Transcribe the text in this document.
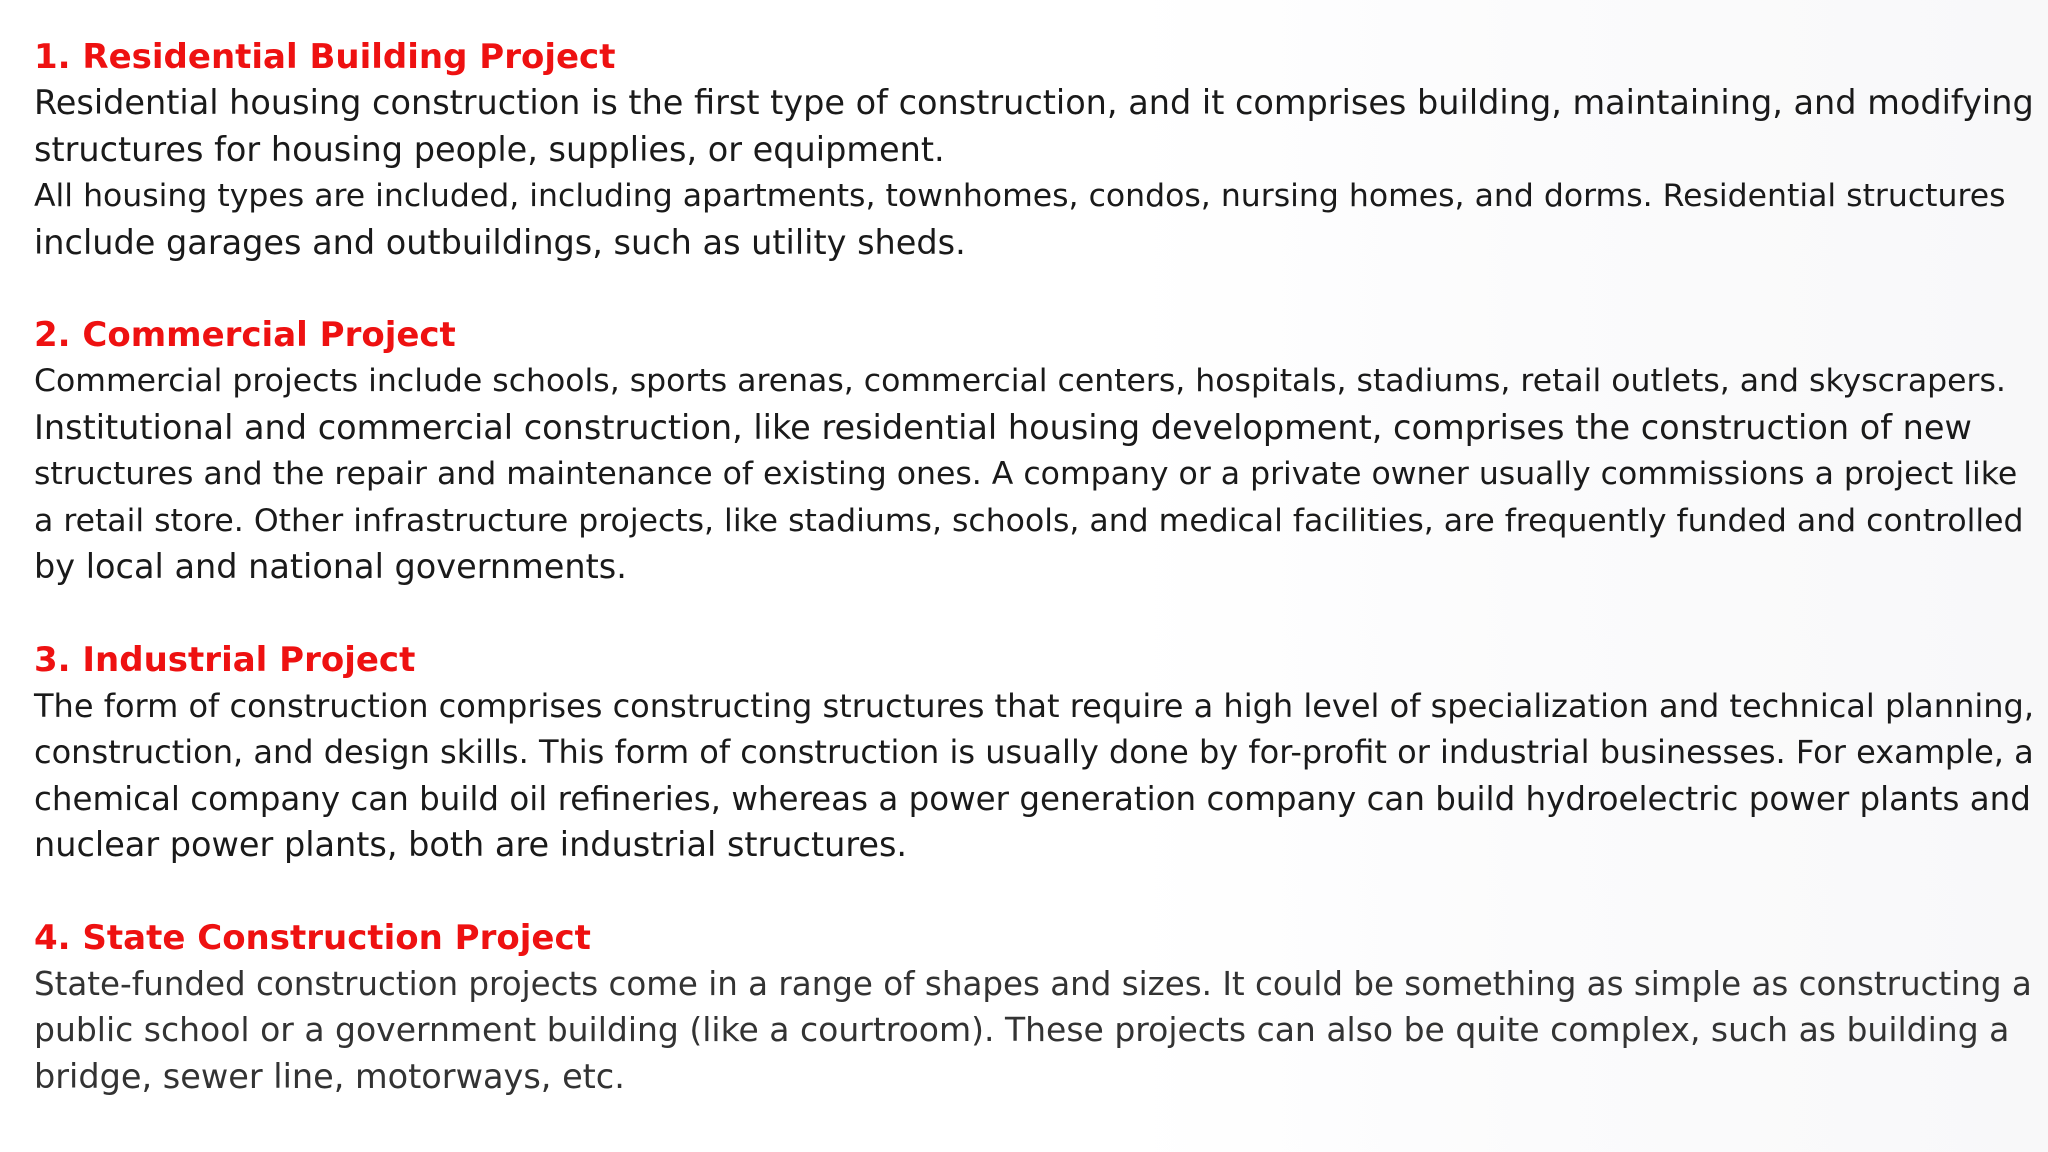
1. Residential Building Project

Residential housing construction is the first type of construction, and it comprises building, maintaining, and modifying
structures for housing people, supplies, or equipment.
All housing types are included, including apartments, townhomes, condos, nursing homes, and dorms. Residential structures
include garages and outbuildings, such as utility sheds.

2. Commercial Project

Commercial projects include schools, sports arenas, commercial centers, hospitals, stadiums, retail outlets, and skyscrapers.
Institutional and commercial construction, like residential housing development, comprises the construction of new
structures and the repair and maintenance of existing ones. A company or a private owner usually commissions a project like
a retail store. Other infrastructure projects, like stadiums, schools, and medical facilities, are frequently funded and controlled
by local and national governments.

3. Industrial Project

The form of construction comprises constructing structures that require a high level of specialization and technical planning,
construction, and design skills. This form of construction is usually done by for-profit or industrial businesses. For example, a
chemical company can build oil refineries, whereas a power generation company can build hydroelectric power plants and
nuclear power plants, both are industrial structures.

4. State Construction Project

State-funded construction projects come in a range of shapes and sizes. It could be something as simple as constructing a
public school or a government building (like a courtroom). These projects can also be quite complex, such as building a
bridge, sewer line, motorways, etc.
